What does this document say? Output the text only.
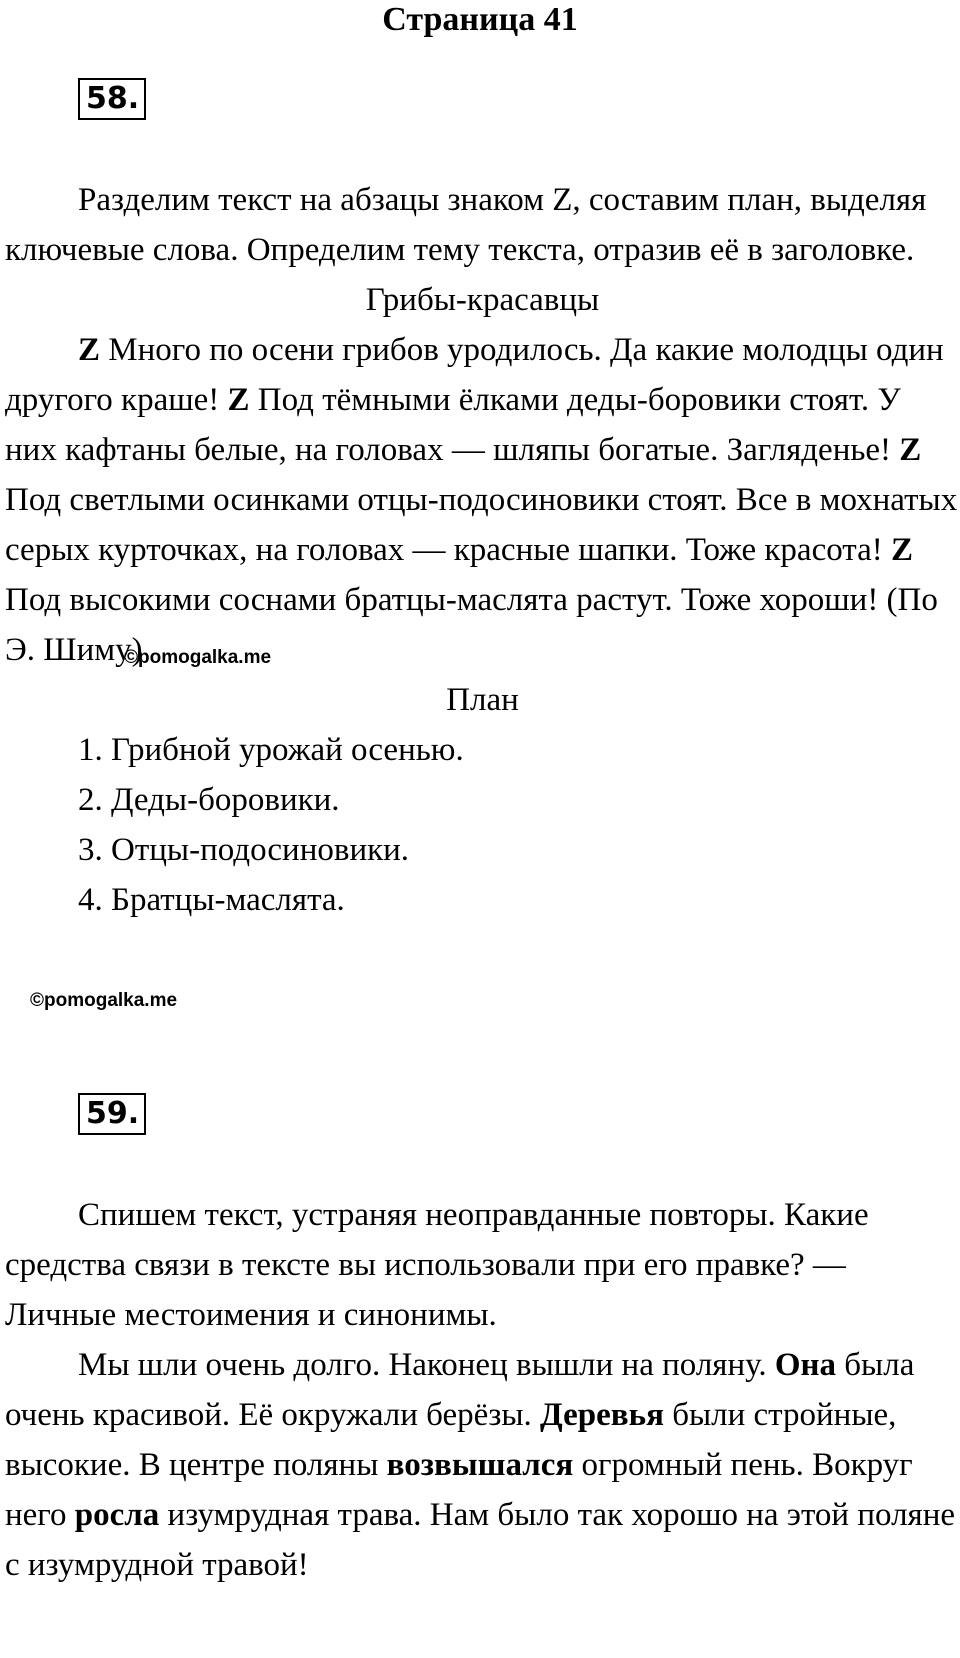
Страница 41
58.

Разделим текст на абзацы знаком Z, составим план, выделяя ключевые слова. Определим тему текста, отразив её в заголовке.

Грибы-красавцы

Z Много по осени грибов уродилось. Да какие молодцы один другого краше! Z Под тёмными ёлками деды-боровики стоят. У них кафтаны белые, на головах — шляпы богатые. Загляденье! Z Под светлыми осинками отцы-подосиновики стоят. Все в мохнатых серых курточках, на головах — красные шапки. Тоже красота! Z Под высокими соснами братцы-маслята растут. Тоже хороши! (По Э. Шиму)

План

1. Грибной урожай осенью.

2. Деды-боровики.

3. Отцы-подосиновики.

4. Братцы-маслята.

©pomogalka.me
©pomogalka.me
59.

Спишем текст, устраняя неоправданные повторы. Какие средства связи в тексте вы использовали при его правке? — Личные местоимения и синонимы.

Мы шли очень долго. Наконец вышли на поляну. Она была очень красивой. Её окружали берёзы. Деревья были стройные, высокие. В центре поляны возвышался огромный пень. Вокруг него росла изумрудная трава. Нам было так хорошо на этой поляне с изумрудной травой!
